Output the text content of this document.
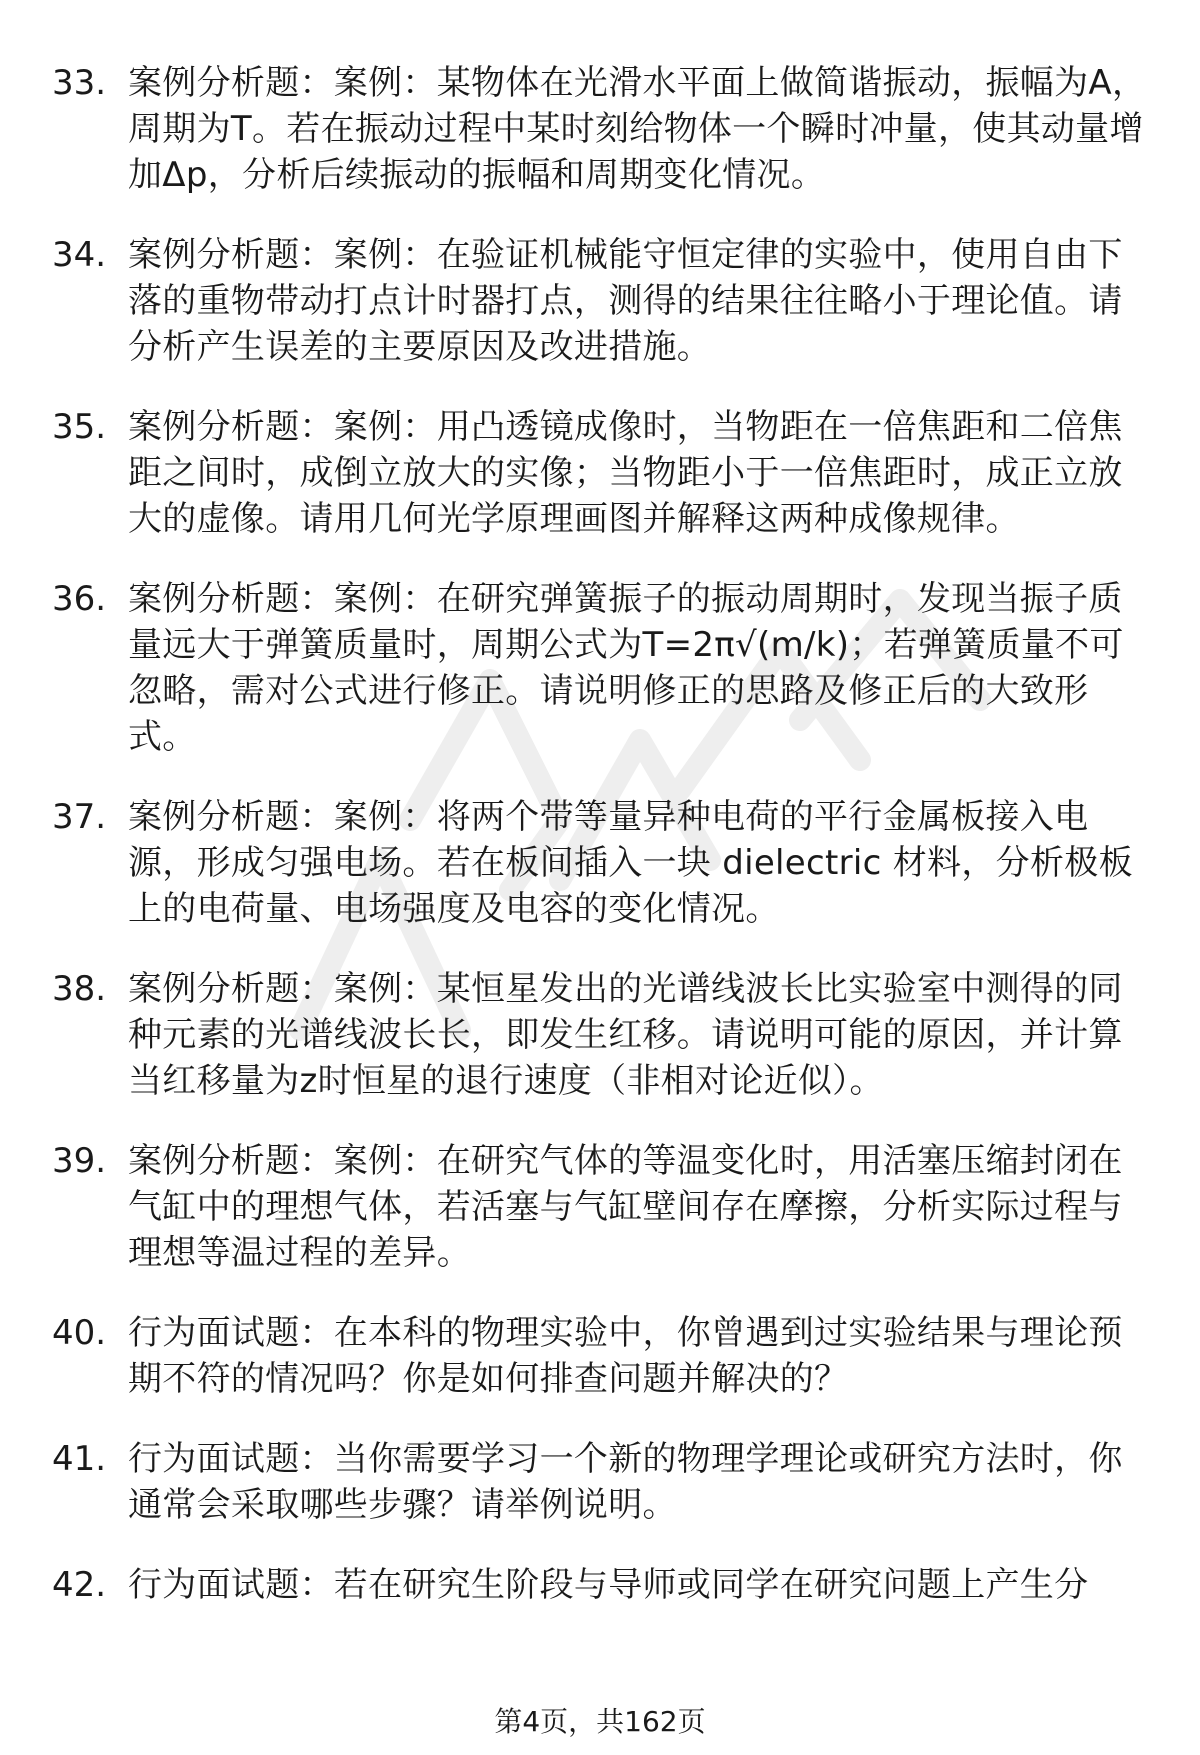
33. 案例分析题：案例：某物体在光滑水平面上做简谐振动，振幅为A，周期为T。若在振动过程中某时刻给物体一个瞬时冲量，使其动量增加Δp，分析后续振动的振幅和周期变化情况。
34. 案例分析题：案例：在验证机械能守恒定律的实验中，使用自由下落的重物带动打点计时器打点，测得的结果往往略小于理论值。请分析产生误差的主要原因及改进措施。
35. 案例分析题：案例：用凸透镜成像时，当物距在一倍焦距和二倍焦距之间时，成倒立放大的实像；当物距小于一倍焦距时，成正立放大的虚像。请用几何光学原理画图并解释这两种成像规律。
36. 案例分析题：案例：在研究弹簧振子的振动周期时，发现当振子质量远大于弹簧质量时，周期公式为T=2π√(m/k)；若弹簧质量不可忽略，需对公式进行修正。请说明修正的思路及修正后的大致形式。
37. 案例分析题：案例：将两个带等量异种电荷的平行金属板接入电源，形成匀强电场。若在板间插入一块 dielectric 材料，分析极板上的电荷量、电场强度及电容的变化情况。
38. 案例分析题：案例：某恒星发出的光谱线波长比实验室中测得的同种元素的光谱线波长长，即发生红移。请说明可能的原因，并计算当红移量为z时恒星的退行速度（非相对论近似）。
39. 案例分析题：案例：在研究气体的等温变化时，用活塞压缩封闭在气缸中的理想气体，若活塞与气缸壁间存在摩擦，分析实际过程与理想等温过程的差异。
40. 行为面试题：在本科的物理实验中，你曾遇到过实验结果与理论预期不符的情况吗？你是如何排查问题并解决的？
41. 行为面试题：当你需要学习一个新的物理学理论或研究方法时，你通常会采取哪些步骤？请举例说明。
42. 行为面试题：若在研究生阶段与导师或同学在研究问题上产生分
第4页，共162页
